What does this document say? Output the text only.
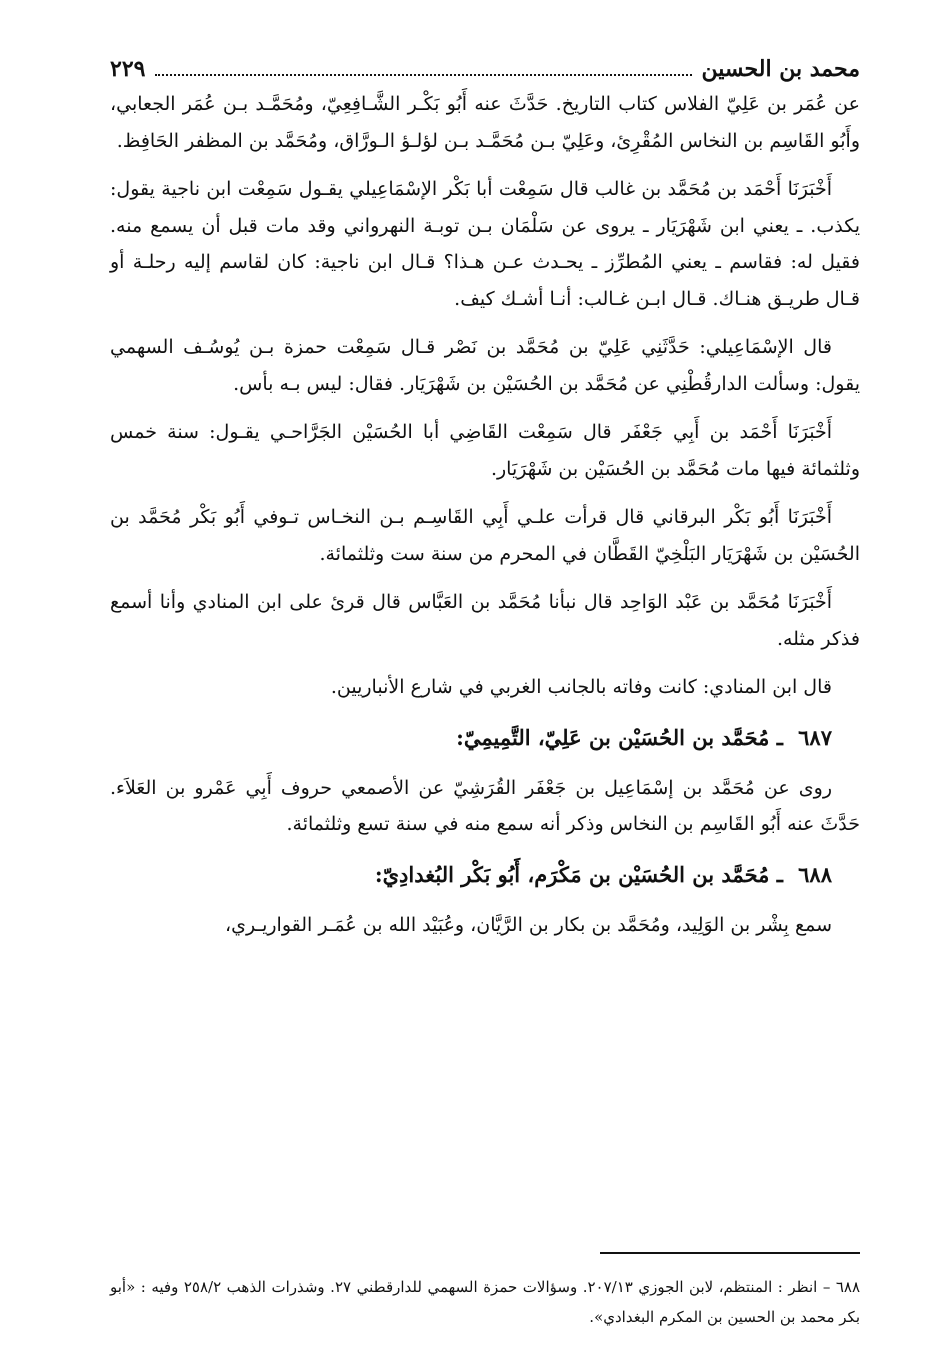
محمد بن الحسين
٢٢٩

عن عُمَر بن عَلِيّ الفلاس كتاب التاريخ. حَدَّثَ عنه أَبُو بَكْـر الشَّـافِعِيّ، ومُحَمَّـد بـن عُمَر الجعابي، وأَبُو القَاسِم بن النخاس المُقْرِئ، وعَلِيّ بـن مُحَمَّـد بـن لؤلـؤ الـورَّاق، ومُحَمَّد بن المظفر الحَافِظ.

أَخْبَرَنَا أَحْمَد بن مُحَمَّد بن غالب قال سَمِعْت أبا بَكْر الإسْمَاعِيلي يقـول سَمِعْت ابن ناجية يقول: يكذب. ـ يعني ابن شَهْرَيَار ـ يروى عن سَلْمَان بـن توبـة النهرواني وقد مات قبل أن يسمع منه. فقيل له: فقاسم ـ يعني المُطرِّز ـ يحـدث عـن هـذا؟ قـال ابن ناجية: كان لقاسم إليه رحلـة أو قـال طريـق هنـاك. قـال ابـن غـالب: أنـا أشـك كيف.

قال الإسْمَاعِيلي: حَدَّثَنِي عَلِيّ بن مُحَمَّد بن نَصْر قـال سَمِعْت حمزة بـن يُوسُـف السهمي يقول: وسألت الدارقُطْنِي عن مُحَمَّد بن الحُسَيْن بن شَهْرَيَار. فقال: ليس بـه بأس.

أَخْبَرَنَا أَحْمَد بن أَبِي جَعْفَر قال سَمِعْت القَاضِي أبا الحُسَيْن الجَرَّاحـي يقـول: سنة خمس وثلثمائة فيها مات مُحَمَّد بن الحُسَيْن بن شَهْرَيَار.

أَخْبَرَنَا أَبُو بَكْر البرقاني قال قرأت علـي أَبِي القَاسِـم بـن النخـاس تـوفي أَبُو بَكْر مُحَمَّد بن الحُسَيْن بن شَهْرَيَار البَلْخِيّ القَطَّان في المحرم من سنة ست وثلثمائة.

أَخْبَرَنَا مُحَمَّد بن عَبْد الوَاحِد قال نبأنا مُحَمَّد بن العَبَّاس قال قرئ على ابن المنادي وأنا أسمع فذكر مثله.

قال ابن المنادي: كانت وفاته بالجانب الغربي في شارع الأنباريين.

٦٨٧ ـ مُحَمَّد بن الحُسَيْن بن عَلِيّ، التَّمِيمِيّ:

روى عن مُحَمَّد بن إسْمَاعِيل بن جَعْفَر القُرَشِيّ عن الأصمعي حروف أَبِي عَمْرو بن العَلاَء. حَدَّثَ عنه أَبُو القَاسِم بن النخاس وذكر أنه سمع منه في سنة تسع وثلثمائة.

٦٨٨ ـ مُحَمَّد بن الحُسَيْن بن مَكْرَم، أَبُو بَكْر البُغدادِيّ:

سمع بِشْر بن الوَلِيد، ومُحَمَّد بن بكار بن الرَّيَّان، وعُبَيْد الله بن عُمَـر القواريـري،

٦٨٨ – انظر : المنتظم، لابن الجوزي ٢٠٧/١٣. وسؤالات حمزة السهمي للدارقطني ٢٧. وشذرات الذهب ٢٥٨/٢ وفيه : «أبو بكر محمد بن الحسين بن المكرم البغدادي».
